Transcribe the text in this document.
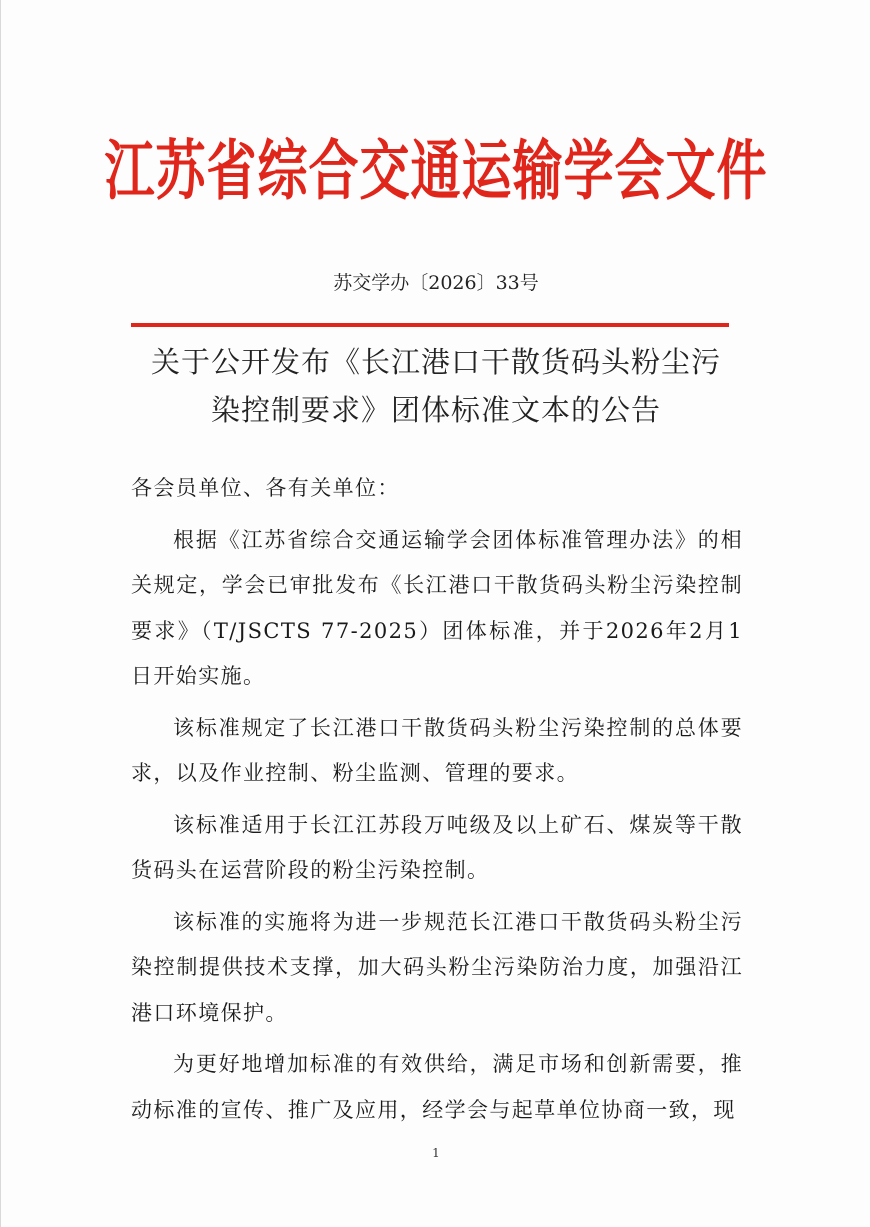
江苏省综合交通运输学会文件
苏交学办〔2026〕33号
关于公开发布《长江港口干散货码头粉尘污
染控制要求》团体标准文本的公告

各会员单位、各有关单位：

根据《江苏省综合交通运输学会团体标准管理办法》的相关规定，学会已审批发布《长江港口干散货码头粉尘污染控制要求》（T/JSCTS 77-2025）团体标准，并于2026年2月1日开始实施。

该标准规定了长江港口干散货码头粉尘污染控制的总体要求，以及作业控制、粉尘监测、管理的要求。

该标准适用于长江江苏段万吨级及以上矿石、煤炭等干散货码头在运营阶段的粉尘污染控制。

该标准的实施将为进一步规范长江港口干散货码头粉尘污染控制提供技术支撑，加大码头粉尘污染防治力度，加强沿江港口环境保护。

为更好地增加标准的有效供给，满足市场和创新需要，推动标准的宣传、推广及应用，经学会与起草单位协商一致，现

1
